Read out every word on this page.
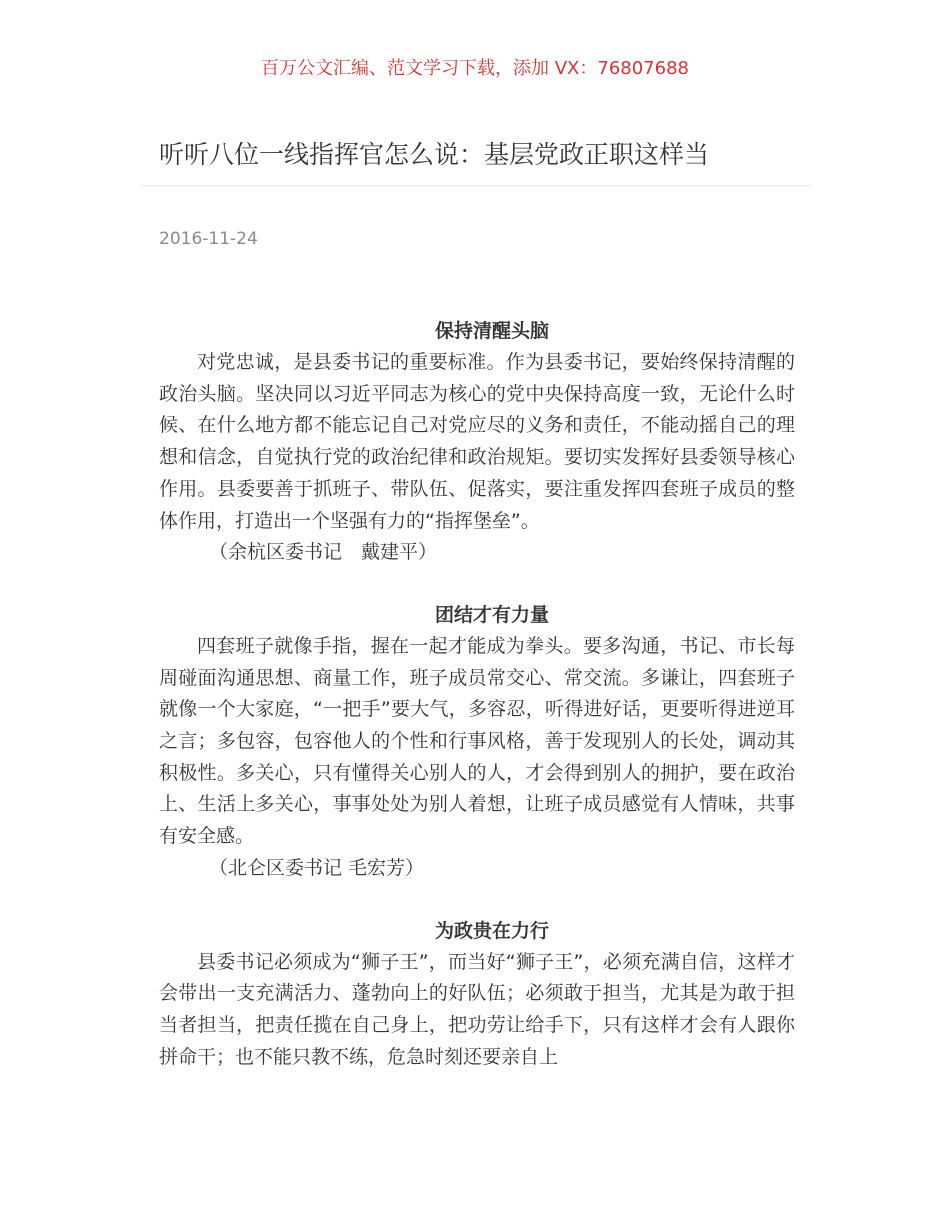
百万公文汇编、范文学习下载，添加 VX：76807688
听听八位一线指挥官怎么说：基层党政正职这样当
2016-11-24
保持清醒头脑

对党忠诚，是县委书记的重要标准。作为县委书记，要始终保持清醒的政治头脑。坚决同以习近平同志为核心的党中央保持高度一致，无论什么时候、在什么地方都不能忘记自己对党应尽的义务和责任，不能动摇自己的理想和信念，自觉执行党的政治纪律和政治规矩。要切实发挥好县委领导核心作用。县委要善于抓班子、带队伍、促落实，要注重发挥四套班子成员的整体作用，打造出一个坚强有力的“指挥堡垒”。

（余杭区委书记　戴建平）

团结才有力量

四套班子就像手指，握在一起才能成为拳头。要多沟通，书记、市长每周碰面沟通思想、商量工作，班子成员常交心、常交流。多谦让，四套班子就像一个大家庭，“一把手”要大气，多容忍，听得进好话，更要听得进逆耳之言；多包容，包容他人的个性和行事风格，善于发现别人的长处，调动其积极性。多关心，只有懂得关心别人的人，才会得到别人的拥护，要在政治上、生活上多关心，事事处处为别人着想，让班子成员感觉有人情味，共事有安全感。

（北仑区委书记 毛宏芳）

为政贵在力行

县委书记必须成为“狮子王”，而当好“狮子王”，必须充满自信，这样才会带出一支充满活力、蓬勃向上的好队伍；必须敢于担当，尤其是为敢于担当者担当，把责任揽在自己身上，把功劳让给手下，只有这样才会有人跟你拼命干；也不能只教不练，危急时刻还要亲自上
